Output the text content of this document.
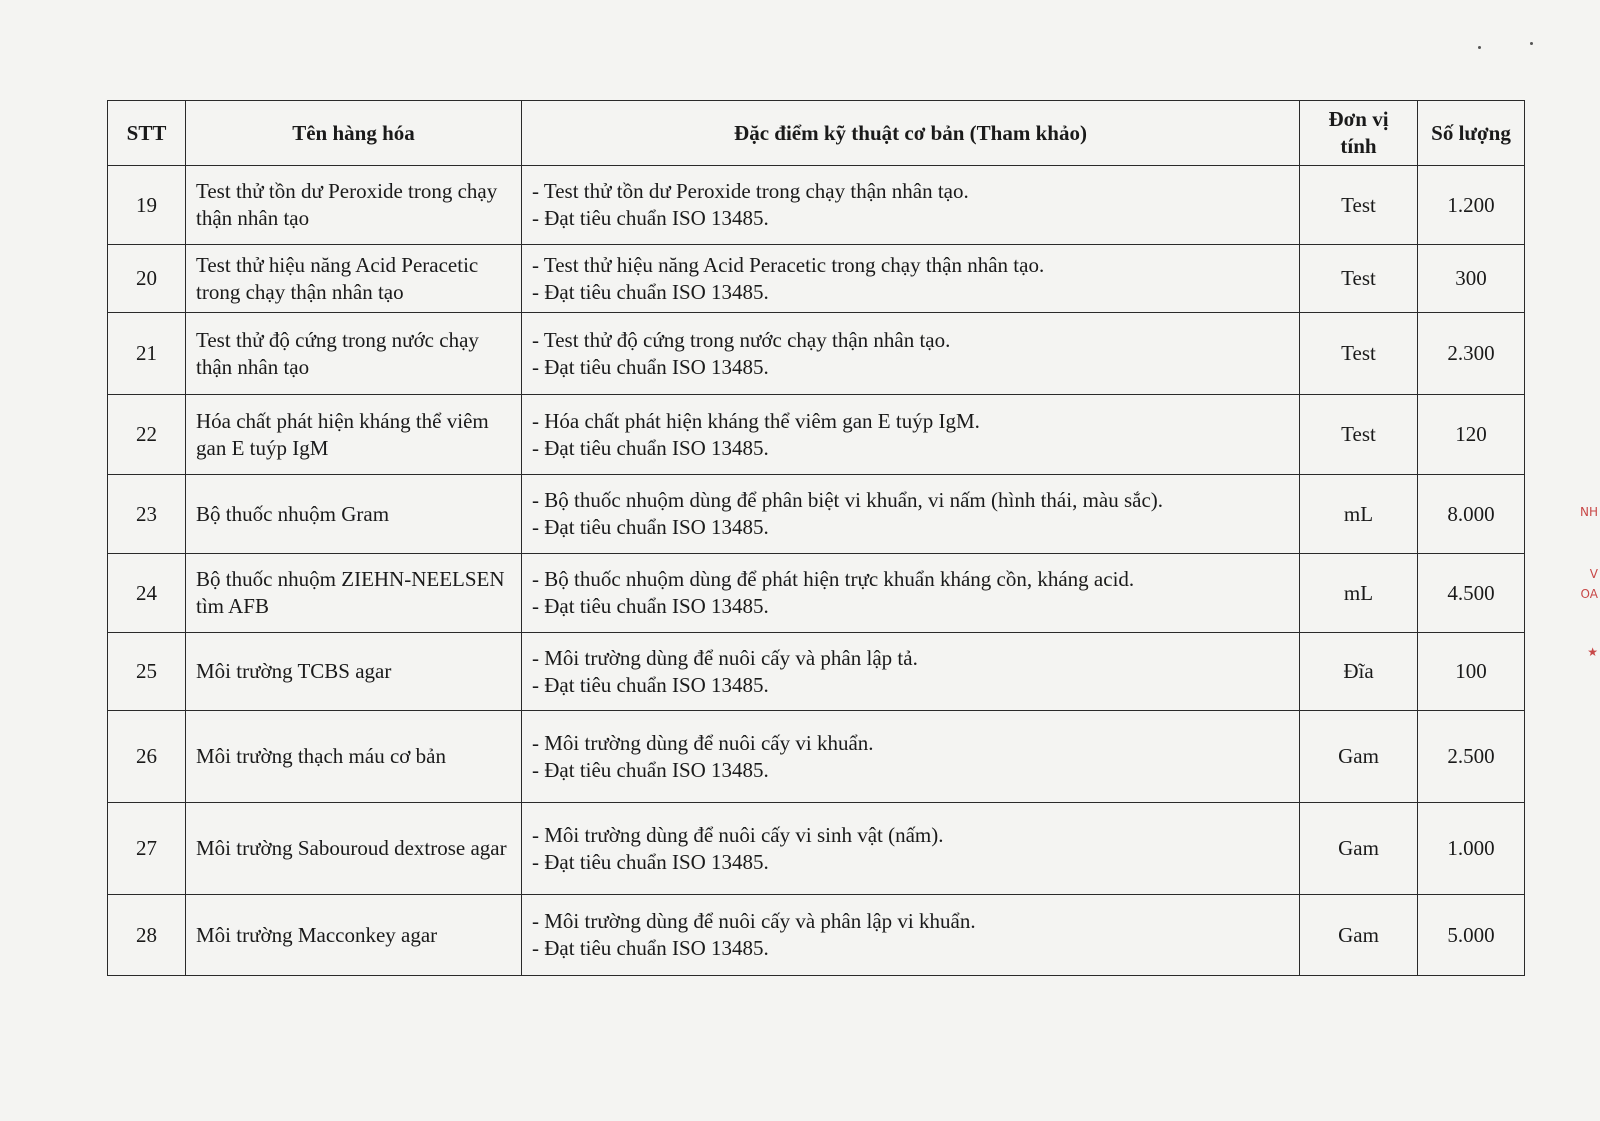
STT	Tên hàng hóa	Đặc điểm kỹ thuật cơ bản (Tham khảo)	Đơn vị
tính	Số lượng
19	Test thử tồn dư Peroxide trong chạy thận nhân tạo	- Test thử tồn dư Peroxide trong chạy thận nhân tạo.
- Đạt tiêu chuẩn ISO 13485.	Test	1.200
20	Test thử hiệu năng Acid Peracetic trong chạy thận nhân tạo	- Test thử hiệu năng Acid Peracetic trong chạy thận nhân tạo.
- Đạt tiêu chuẩn ISO 13485.	Test	300
21	Test thử độ cứng trong nước chạy thận nhân tạo	- Test thử độ cứng trong nước chạy thận nhân tạo.
- Đạt tiêu chuẩn ISO 13485.	Test	2.300
22	Hóa chất phát hiện kháng thể viêm gan E tuýp IgM	- Hóa chất phát hiện kháng thể viêm gan E tuýp IgM.
- Đạt tiêu chuẩn ISO 13485.	Test	120
23	Bộ thuốc nhuộm Gram	- Bộ thuốc nhuộm dùng để phân biệt vi khuẩn, vi nấm (hình thái, màu sắc).
- Đạt tiêu chuẩn ISO 13485.	mL	8.000
24	Bộ thuốc nhuộm ZIEHN-NEELSEN tìm AFB	- Bộ thuốc nhuộm dùng để phát hiện trực khuẩn kháng cồn, kháng acid.
- Đạt tiêu chuẩn ISO 13485.	mL	4.500
25	Môi trường TCBS agar	- Môi trường dùng để nuôi cấy và phân lập tả.
- Đạt tiêu chuẩn ISO 13485.	Đĩa	100
26	Môi trường thạch máu cơ bản	- Môi trường dùng để nuôi cấy vi khuẩn.
- Đạt tiêu chuẩn ISO 13485.	Gam	2.500
27	Môi trường Sabouroud dextrose agar	- Môi trường dùng để nuôi cấy vi sinh vật (nấm).
- Đạt tiêu chuẩn ISO 13485.	Gam	1.000
28	Môi trường Macconkey agar	- Môi trường dùng để nuôi cấy và phân lập vi khuẩn.
- Đạt tiêu chuẩn ISO 13485.	Gam	5.000
NH
V
OA
★
